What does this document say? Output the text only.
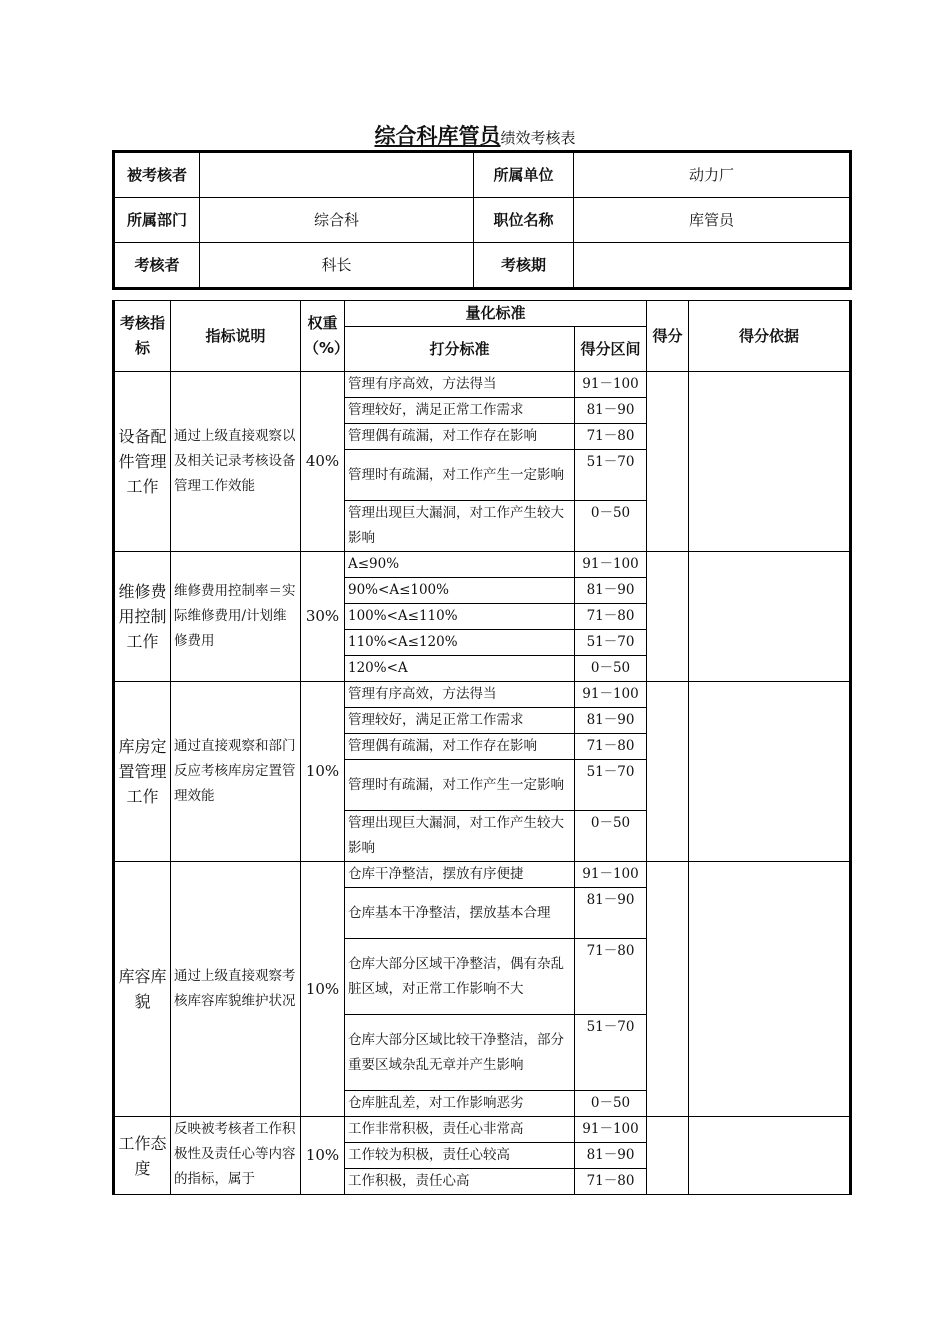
综合科库管员绩效考核表
被考核者		所属单位	动力厂
所属部门	综合科	职位名称	库管员
考核者	科长	考核期	
考核指标	指标说明	权重（%）	量化标准		得分	得分依据
			打分标准	得分区间		
设备配件管理工作	通过上级直接观察以及相关记录考核设备管理工作效能	40%	管理有序高效，方法得当	91－100		
			管理较好，满足正常工作需求	81－90		
			管理偶有疏漏，对工作存在影响	71－80		
			管理时有疏漏，对工作产生一定影响	51－70		
			管理出现巨大漏洞，对工作产生较大影响	0－50		
维修费用控制工作	维修费用控制率＝实际维修费用/计划维修费用	30%	A≤90%	91－100		
			90%<A≤100%	81－90		
			100%<A≤110%	71－80		
			110%<A≤120%	51－70		
			120%<A	0－50		
库房定置管理工作	通过直接观察和部门反应考核库房定置管理效能	10%	管理有序高效，方法得当	91－100		
			管理较好，满足正常工作需求	81－90		
			管理偶有疏漏，对工作存在影响	71－80		
			管理时有疏漏，对工作产生一定影响	51－70		
			管理出现巨大漏洞，对工作产生较大影响	0－50		
库容库貌	通过上级直接观察考核库容库貌维护状况	10%	仓库干净整洁，摆放有序便捷	91－100		
			仓库基本干净整洁，摆放基本合理	81－90		
			仓库大部分区域干净整洁，偶有杂乱脏区域，对正常工作影响不大	71－80		
			仓库大部分区域比较干净整洁，部分重要区域杂乱无章并产生影响	51－70		
			仓库脏乱差，对工作影响恶劣	0－50		
工作态度	反映被考核者工作积极性及责任心等内容的指标，属于	10%	工作非常积极，责任心非常高	91－100		
			工作较为积极，责任心较高	81－90		
			工作积极，责任心高	71－80		
